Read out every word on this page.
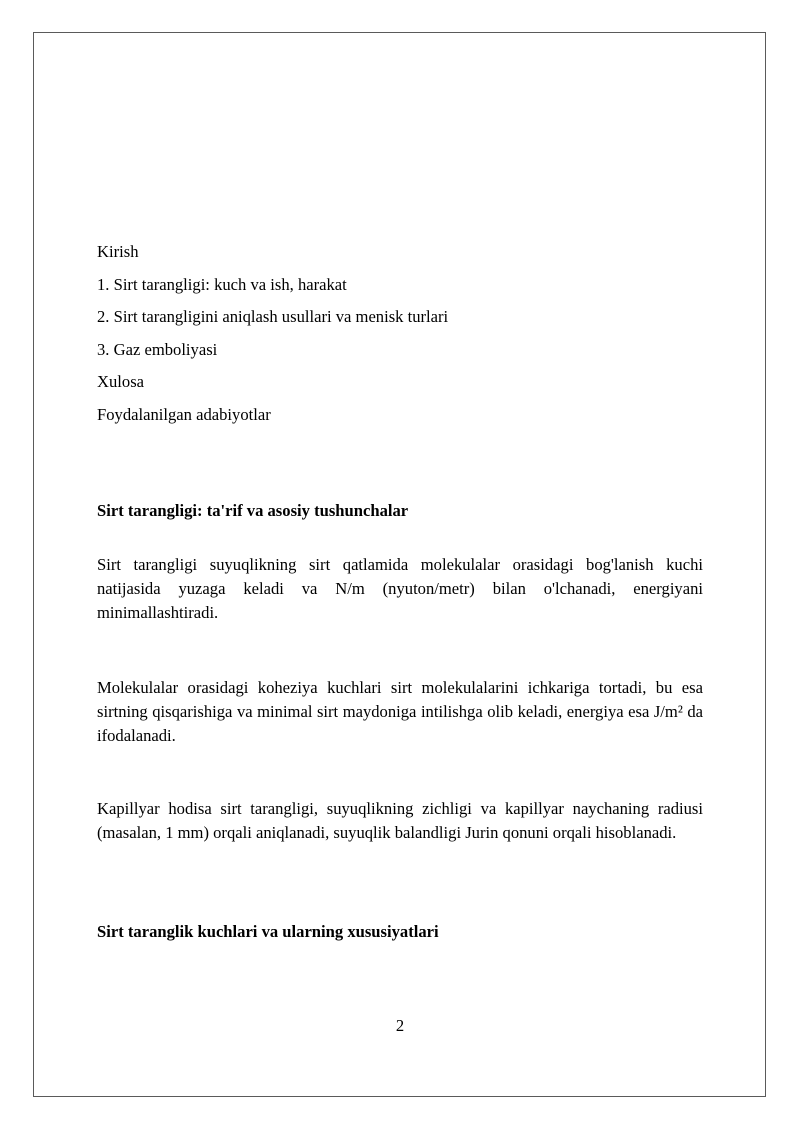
Kirish
1. Sirt tarangligi: kuch va ish, harakat
2. Sirt tarangligini aniqlash usullari va menisk turlari
3. Gaz emboliyasi
Xulosa
Foydalanilgan adabiyotlar
Sirt tarangligi: ta'rif va asosiy tushunchalar

Sirt tarangligi suyuqlikning sirt qatlamida molekulalar orasidagi bog'lanish kuchi natijasida yuzaga keladi va N/m (nyuton/metr) bilan o'lchanadi, energiyani minimallashtiradi.

Molekulalar orasidagi koheziya kuchlari sirt molekulalarini ichkariga tortadi, bu esa sirtning qisqarishiga va minimal sirt maydoniga intilishga olib keladi, energiya esa J/m² da ifodalanadi.

Kapillyar hodisa sirt tarangligi, suyuqlikning zichligi va kapillyar naychaning radiusi (masalan, 1 mm) orqali aniqlanadi, suyuqlik balandligi Jurin qonuni orqali hisoblanadi.

Sirt taranglik kuchlari va ularning xususiyatlari
2
